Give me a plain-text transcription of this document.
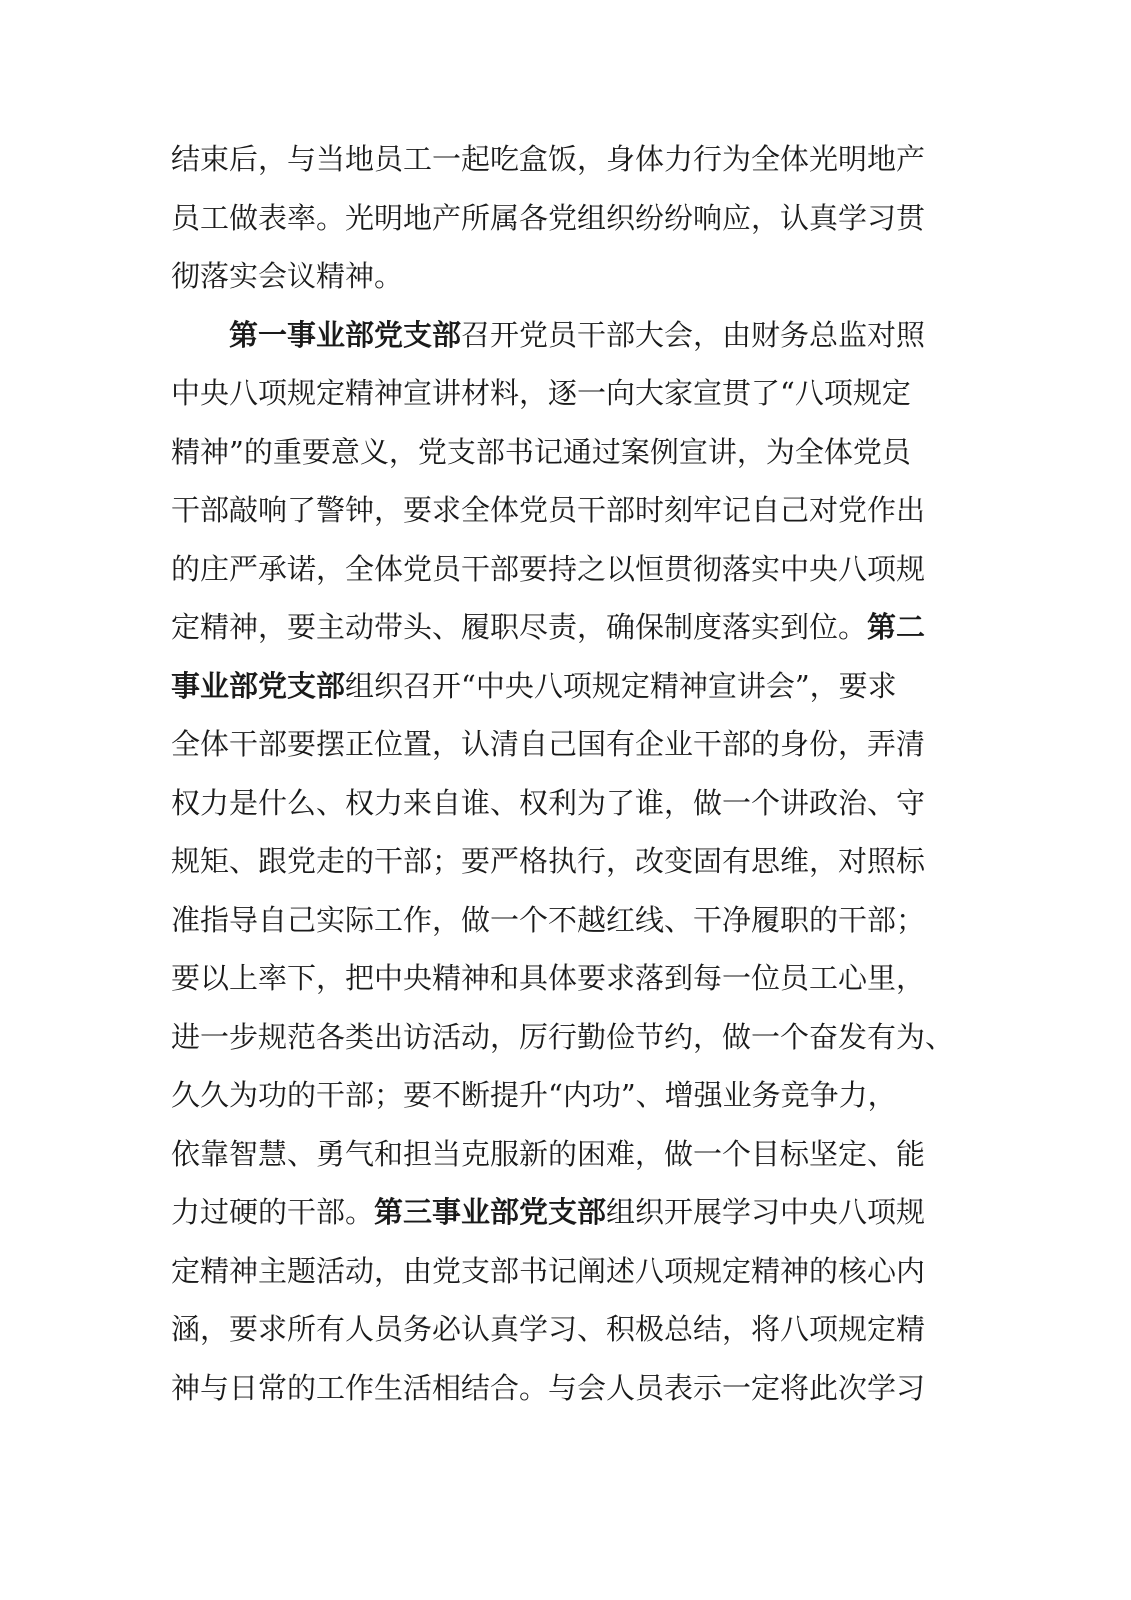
结束后，与当地员工一起吃盒饭，身体力行为全体光明地产
员工做表率。光明地产所属各党组织纷纷响应，认真学习贯
彻落实会议精神。
第一事业部党支部召开党员干部大会，由财务总监对照
中央八项规定精神宣讲材料，逐一向大家宣贯了“八项规定
精神”的重要意义，党支部书记通过案例宣讲，为全体党员
干部敲响了警钟，要求全体党员干部时刻牢记自己对党作出
的庄严承诺，全体党员干部要持之以恒贯彻落实中央八项规
定精神，要主动带头、履职尽责，确保制度落实到位。第二
事业部党支部组织召开“中央八项规定精神宣讲会”，要求
全体干部要摆正位置，认清自己国有企业干部的身份，弄清
权力是什么、权力来自谁、权利为了谁，做一个讲政治、守
规矩、跟党走的干部；要严格执行，改变固有思维，对照标
准指导自己实际工作，做一个不越红线、干净履职的干部；
要以上率下，把中央精神和具体要求落到每一位员工心里，
进一步规范各类出访活动，厉行勤俭节约，做一个奋发有为、
久久为功的干部；要不断提升“内功”、增强业务竞争力，
依靠智慧、勇气和担当克服新的困难，做一个目标坚定、能
力过硬的干部。第三事业部党支部组织开展学习中央八项规
定精神主题活动，由党支部书记阐述八项规定精神的核心内
涵，要求所有人员务必认真学习、积极总结，将八项规定精
神与日常的工作生活相结合。与会人员表示一定将此次学习
